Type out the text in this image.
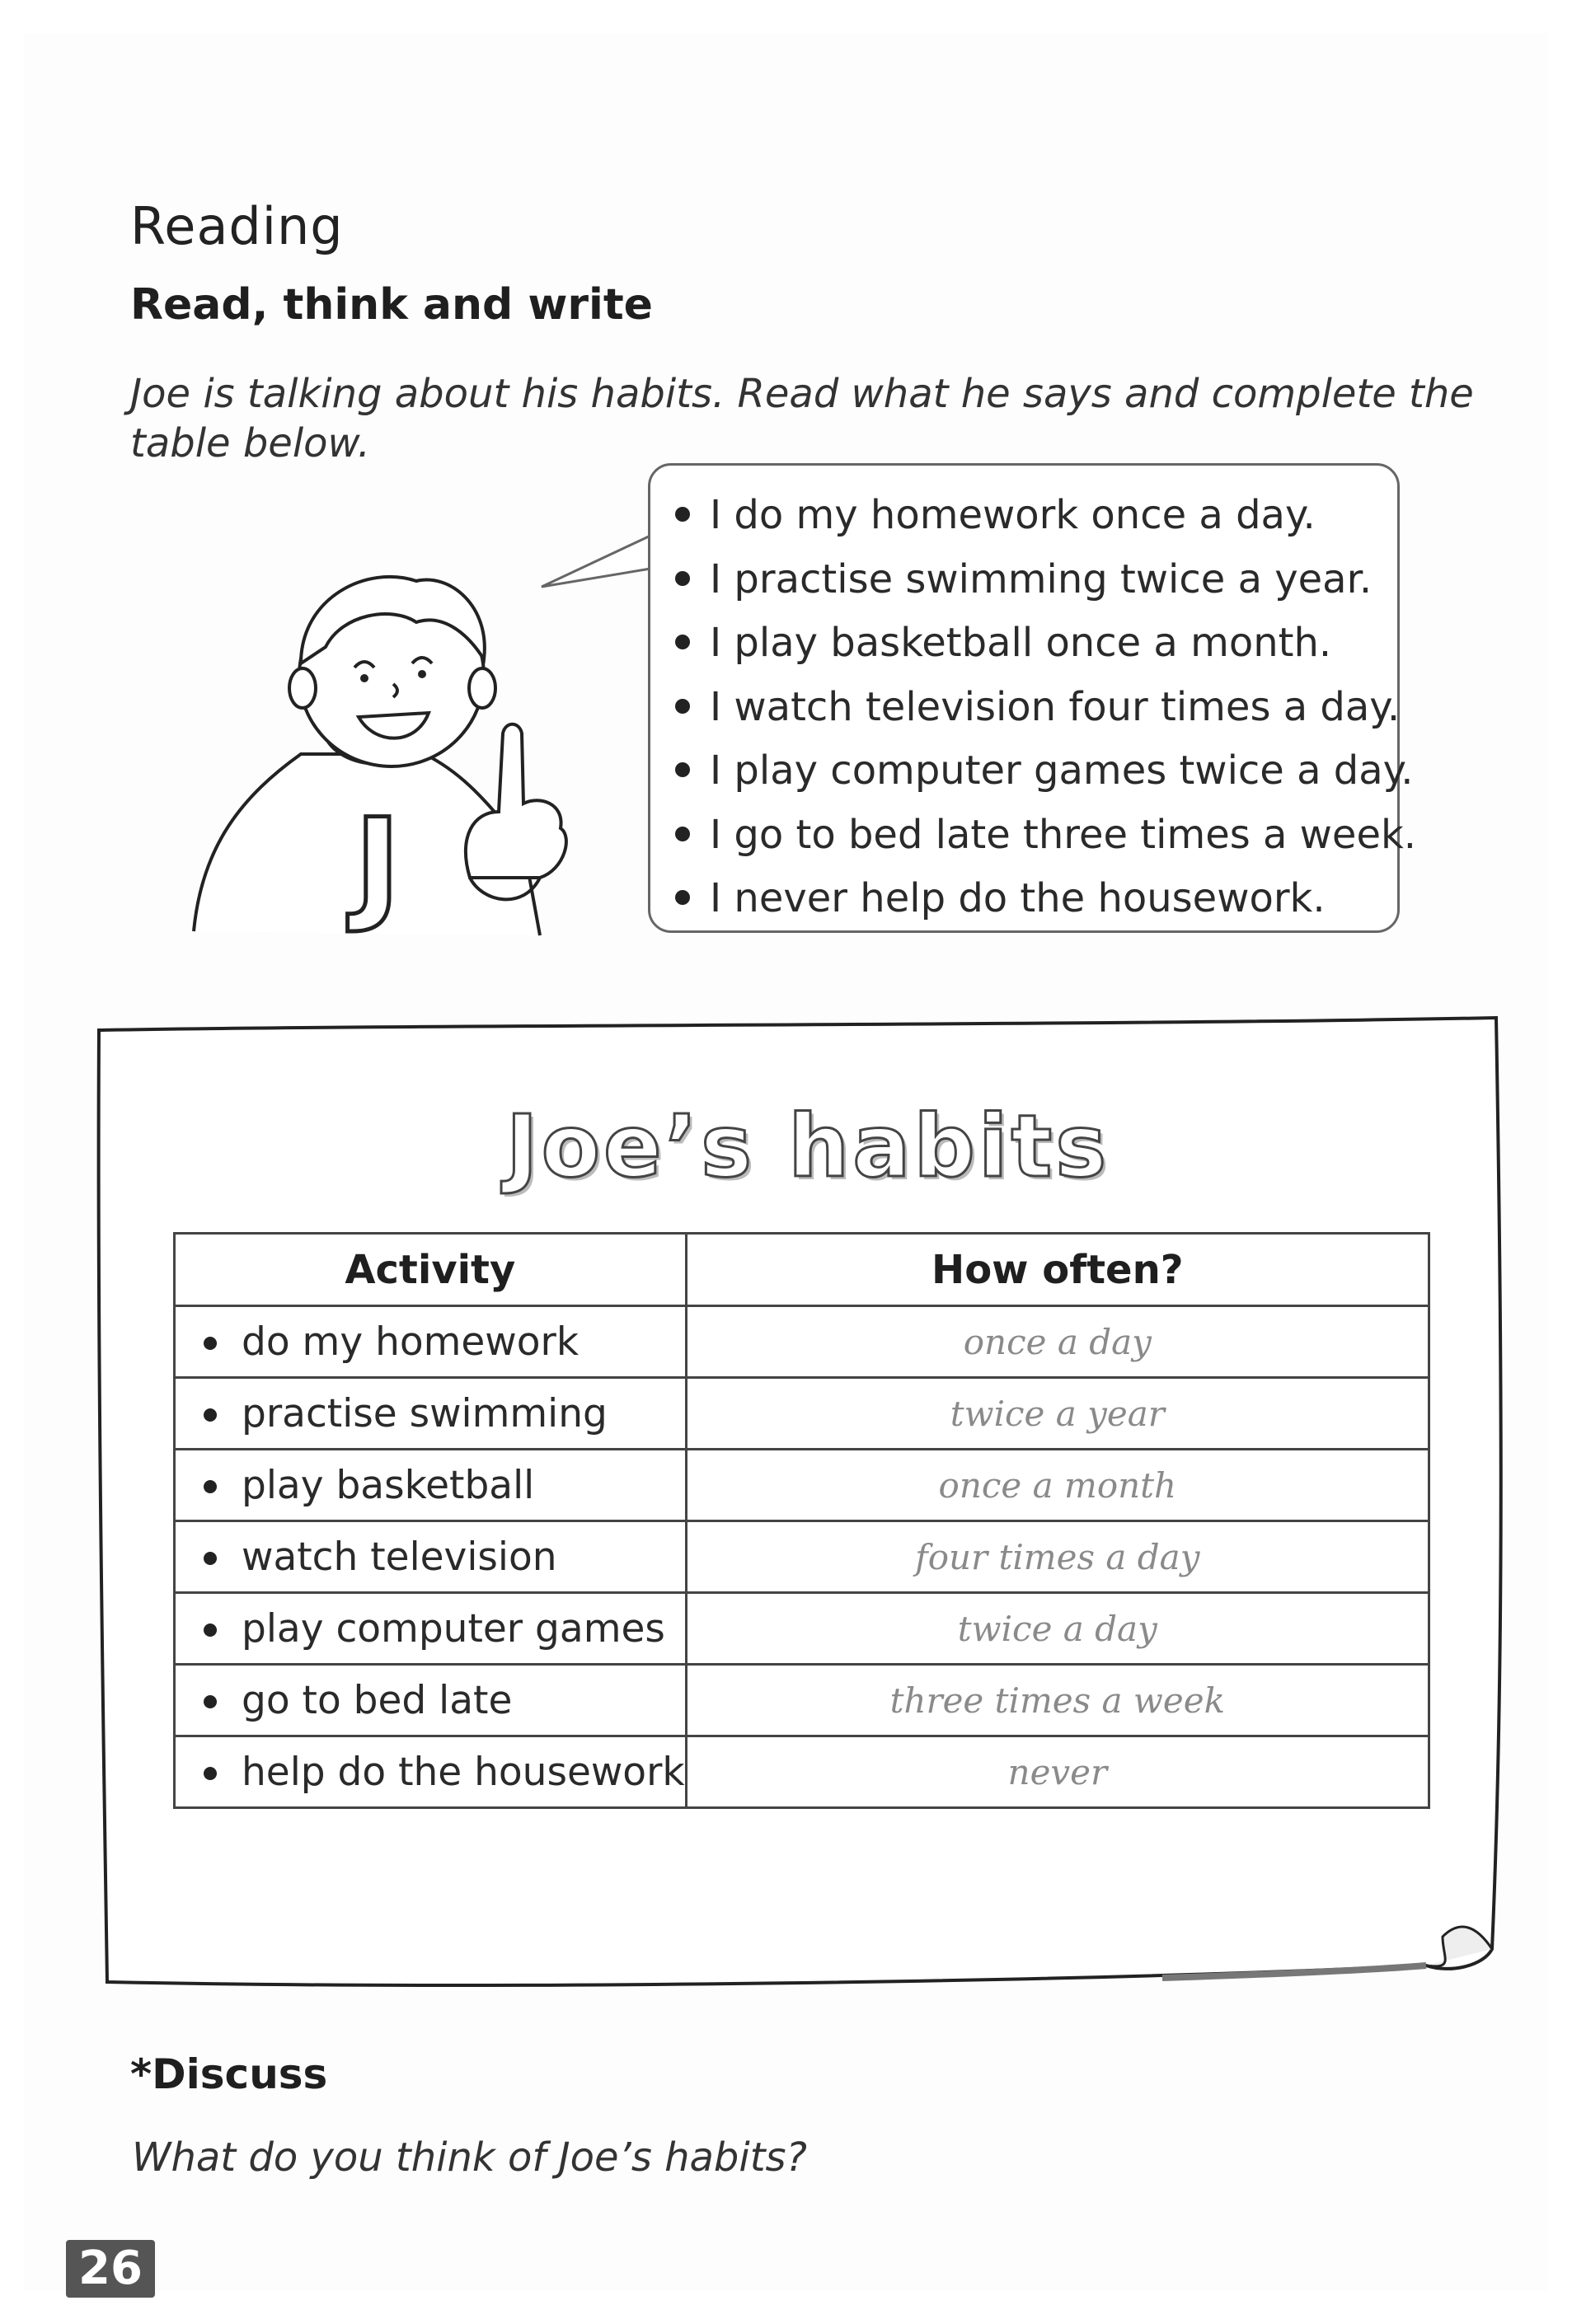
Reading
Read, think and write

Joe is talking about his habits. Read what he says and complete the table below.

J
I do my homework once a day.
I practise swimming twice a year.
I play basketball once a month.
I watch television four times a day.
I play computer games twice a day.
I go to bed late three times a week.
I never help do the housework.
Joe’s habits
Activity	How often?

do my homework	once a day

practise swimming	twice a year

play basketball	once a month

watch television	four times a day

play computer games	twice a day

go to bed late	three times a week

help do the housework	never
*Discuss

What do you think of Joe’s habits?

26
